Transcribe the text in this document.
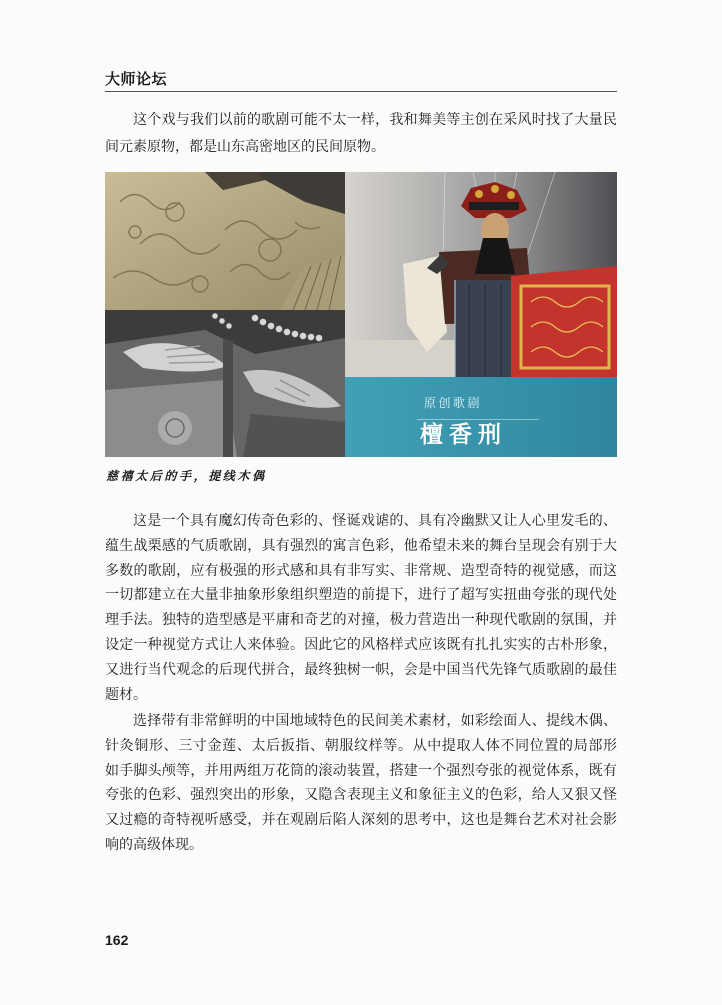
大师论坛
这个戏与我们以前的歌剧可能不太一样，我和舞美等主创在采风时找了大量民
间元素原物，都是山东高密地区的民间原物。
原创歌剧
檀香刑
慈禧太后的手，提线木偶
这是一个具有魔幻传奇色彩的、怪诞戏谑的、具有冷幽默又让人心里发毛的、
蕴生战栗感的气质歌剧，具有强烈的寓言色彩，他希望未来的舞台呈现会有别于大
多数的歌剧，应有极强的形式感和具有非写实、非常规、造型奇特的视觉感，而这
一切都建立在大量非抽象形象组织塑造的前提下，进行了超写实扭曲夸张的现代处
理手法。独特的造型感是平庸和奇艺的对撞，极力营造出一种现代歌剧的氛围，并
设定一种视觉方式让人来体验。因此它的风格样式应该既有扎扎实实的古朴形象，
又进行当代观念的后现代拼合，最终独树一帜，会是中国当代先锋气质歌剧的最佳
题材。
选择带有非常鲜明的中国地域特色的民间美术素材，如彩绘面人、提线木偶、
针灸铜形、三寸金莲、太后扳指、朝服纹样等。从中提取人体不同位置的局部形
如手脚头颅等，并用两组万花筒的滚动装置，搭建一个强烈夸张的视觉体系，既有
夸张的色彩、强烈突出的形象，又隐含表现主义和象征主义的色彩，给人又狠又怪
又过瘾的奇特视听感受，并在观剧后陷人深刻的思考中，这也是舞台艺术对社会影
响的高级体现。
162
